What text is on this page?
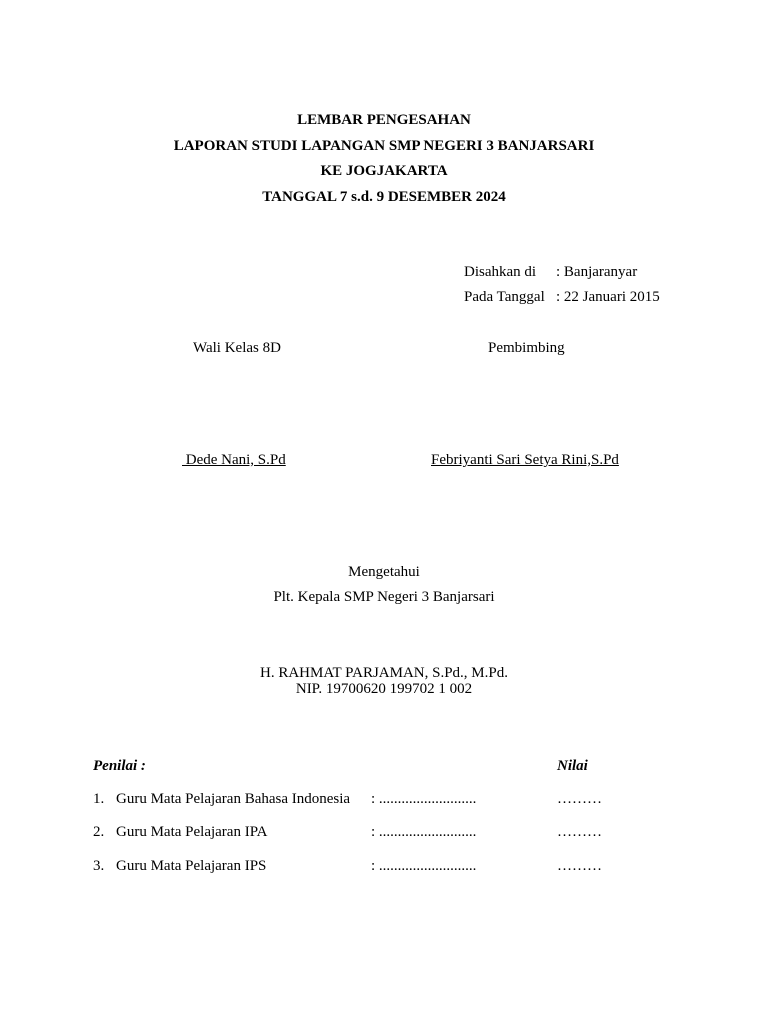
LEMBAR PENGESAHAN
LAPORAN STUDI LAPANGAN SMP NEGERI 3 BANJARSARI
KE JOGJAKARTA
TANGGAL 7 s.d. 9 DESEMBER 2024
Disahkan di : Banjaranyar
Pada Tanggal : 22 Januari 2015
Wali Kelas 8D	Pembimbing
Dede Nani, S.Pd	Febriyanti Sari Setya Rini,S.Pd
Mengetahui
Plt. Kepala SMP Negeri 3 Banjarsari
H. RAHMAT PARJAMAN, S.Pd., M.Pd.
NIP. 19700620 199702 1 002
Penilai :	Nilai
1. Guru Mata Pelajaran Bahasa Indonesia : ..........................	………
2. Guru Mata Pelajaran IPA	: ..........................	………
3. Guru Mata Pelajaran IPS	: ..........................	………
